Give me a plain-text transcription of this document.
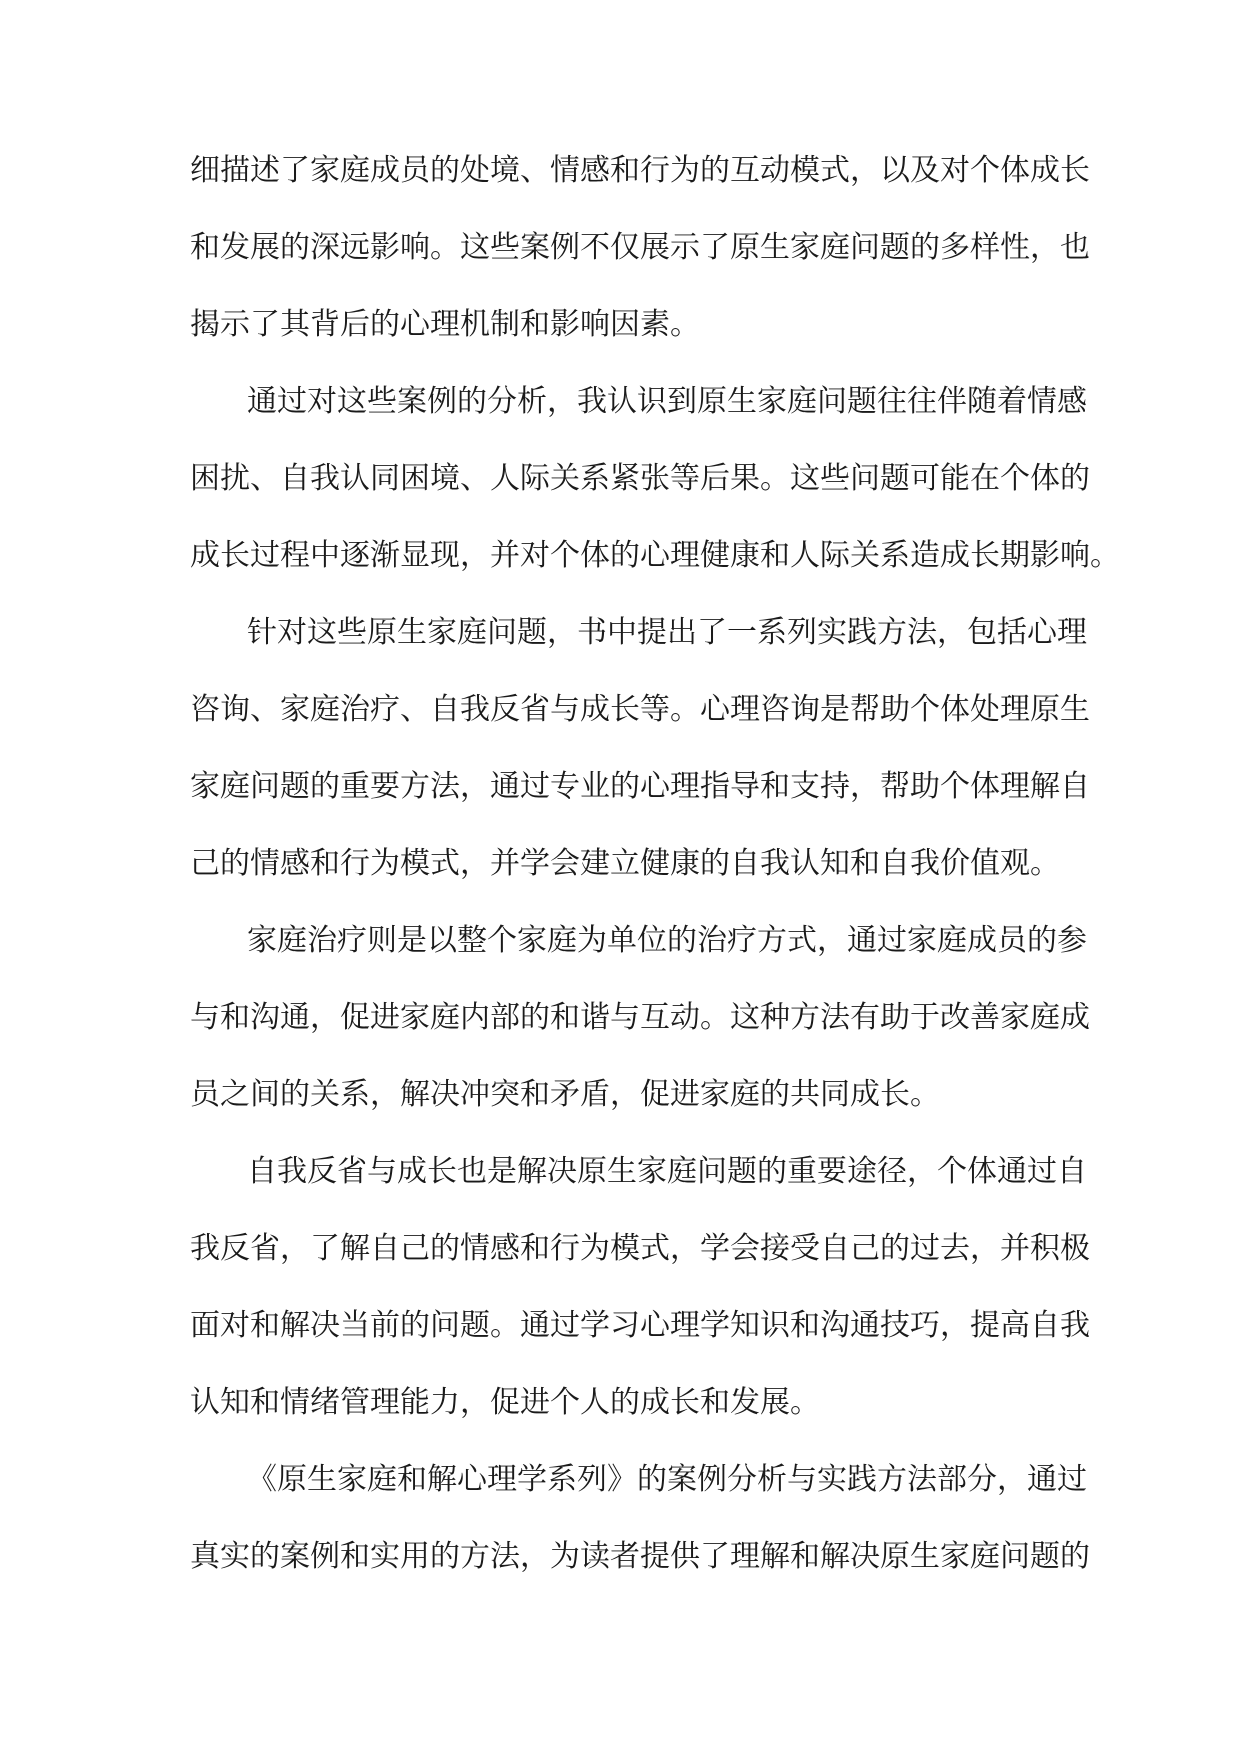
细描述了家庭成员的处境、情感和行为的互动模式，以及对个体成长
和发展的深远影响。这些案例不仅展示了原生家庭问题的多样性，也
揭示了其背后的心理机制和影响因素。
通过对这些案例的分析，我认识到原生家庭问题往往伴随着情感
困扰、自我认同困境、人际关系紧张等后果。这些问题可能在个体的
成长过程中逐渐显现，并对个体的心理健康和人际关系造成长期影响。
针对这些原生家庭问题，书中提出了一系列实践方法，包括心理
咨询、家庭治疗、自我反省与成长等。心理咨询是帮助个体处理原生
家庭问题的重要方法，通过专业的心理指导和支持，帮助个体理解自
己的情感和行为模式，并学会建立健康的自我认知和自我价值观。
家庭治疗则是以整个家庭为单位的治疗方式，通过家庭成员的参
与和沟通，促进家庭内部的和谐与互动。这种方法有助于改善家庭成
员之间的关系，解决冲突和矛盾，促进家庭的共同成长。
自我反省与成长也是解决原生家庭问题的重要途径，个体通过自
我反省，了解自己的情感和行为模式，学会接受自己的过去，并积极
面对和解决当前的问题。通过学习心理学知识和沟通技巧，提高自我
认知和情绪管理能力，促进个人的成长和发展。
《原生家庭和解心理学系列》的案例分析与实践方法部分，通过
真实的案例和实用的方法，为读者提供了理解和解决原生家庭问题的
